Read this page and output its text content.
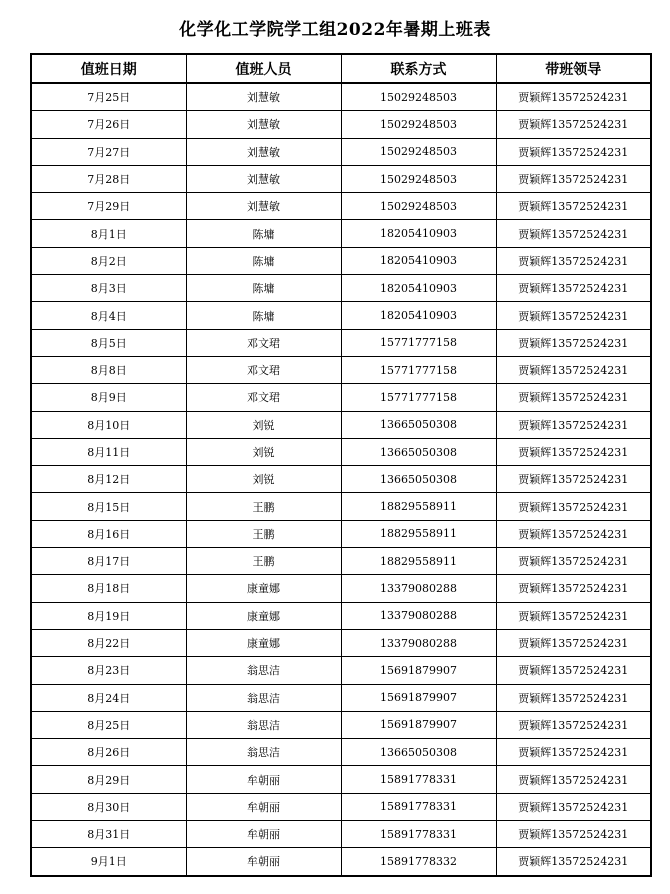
化学化工学院学工组2022年暑期上班表
值班日期	值班人员	联系方式	带班领导
7月25日	刘慧敏	15029248503	贾颖辉13572524231
7月26日	刘慧敏	15029248503	贾颖辉13572524231
7月27日	刘慧敏	15029248503	贾颖辉13572524231
7月28日	刘慧敏	15029248503	贾颖辉13572524231
7月29日	刘慧敏	15029248503	贾颖辉13572524231
8月1日	陈墉	18205410903	贾颖辉13572524231
8月2日	陈墉	18205410903	贾颖辉13572524231
8月3日	陈墉	18205410903	贾颖辉13572524231
8月4日	陈墉	18205410903	贾颖辉13572524231
8月5日	邓文珺	15771777158	贾颖辉13572524231
8月8日	邓文珺	15771777158	贾颖辉13572524231
8月9日	邓文珺	15771777158	贾颖辉13572524231
8月10日	刘锐	13665050308	贾颖辉13572524231
8月11日	刘锐	13665050308	贾颖辉13572524231
8月12日	刘锐	13665050308	贾颖辉13572524231
8月15日	王鹏	18829558911	贾颖辉13572524231
8月16日	王鹏	18829558911	贾颖辉13572524231
8月17日	王鹏	18829558911	贾颖辉13572524231
8月18日	康童娜	13379080288	贾颖辉13572524231
8月19日	康童娜	13379080288	贾颖辉13572524231
8月22日	康童娜	13379080288	贾颖辉13572524231
8月23日	翁思洁	15691879907	贾颖辉13572524231
8月24日	翁思洁	15691879907	贾颖辉13572524231
8月25日	翁思洁	15691879907	贾颖辉13572524231
8月26日	翁思洁	13665050308	贾颖辉13572524231
8月29日	牟朝丽	15891778331	贾颖辉13572524231
8月30日	牟朝丽	15891778331	贾颖辉13572524231
8月31日	牟朝丽	15891778331	贾颖辉13572524231
9月1日	牟朝丽	15891778332	贾颖辉13572524231
